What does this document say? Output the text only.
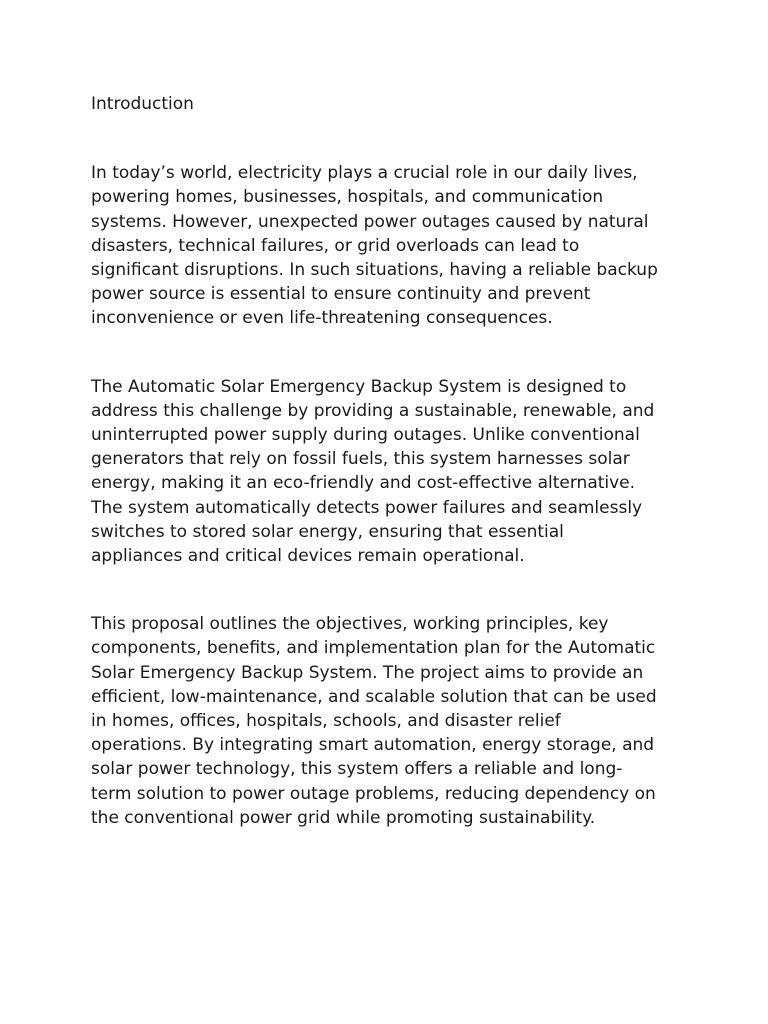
Introduction
In today’s world, electricity plays a crucial role in our daily lives,
powering homes, businesses, hospitals, and communication
systems. However, unexpected power outages caused by natural
disasters, technical failures, or grid overloads can lead to
significant disruptions. In such situations, having a reliable backup
power source is essential to ensure continuity and prevent
inconvenience or even life-threatening consequences.
The Automatic Solar Emergency Backup System is designed to
address this challenge by providing a sustainable, renewable, and
uninterrupted power supply during outages. Unlike conventional
generators that rely on fossil fuels, this system harnesses solar
energy, making it an eco-friendly and cost-effective alternative.
The system automatically detects power failures and seamlessly
switches to stored solar energy, ensuring that essential
appliances and critical devices remain operational.
This proposal outlines the objectives, working principles, key
components, benefits, and implementation plan for the Automatic
Solar Emergency Backup System. The project aims to provide an
efficient, low-maintenance, and scalable solution that can be used
in homes, offices, hospitals, schools, and disaster relief
operations. By integrating smart automation, energy storage, and
solar power technology, this system offers a reliable and long-
term solution to power outage problems, reducing dependency on
the conventional power grid while promoting sustainability.
